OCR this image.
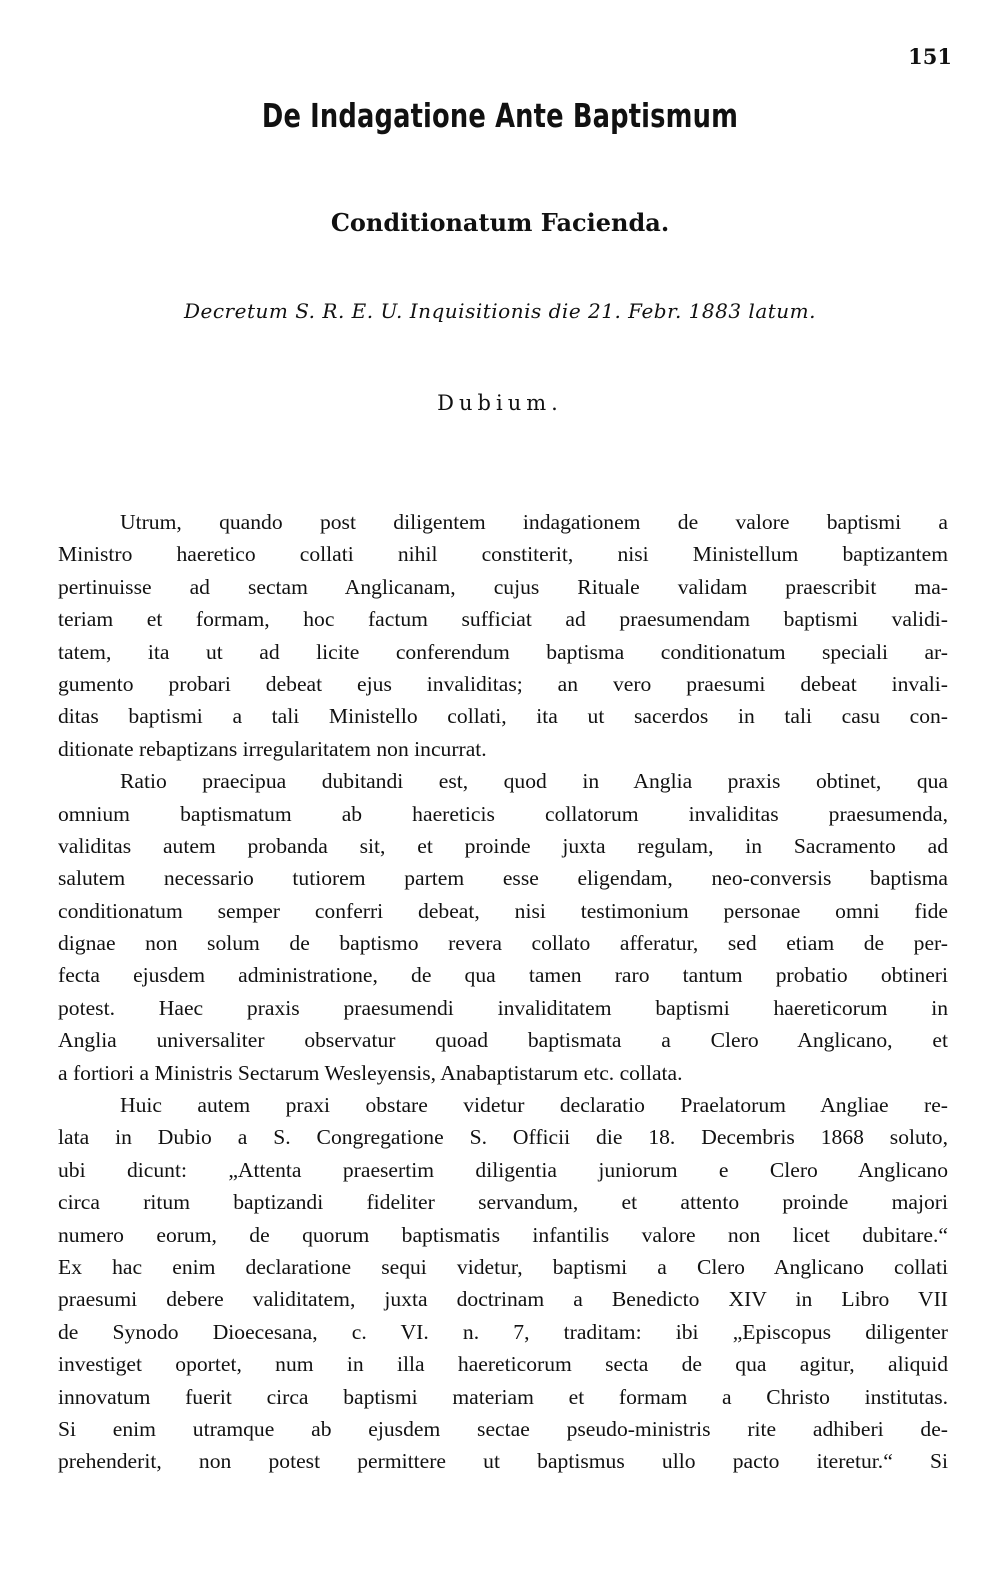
151
De Indagatione Ante Baptismum
Conditionatum Facienda.
Decretum S. R. E. U. Inquisitionis die 21. Febr. 1883 latum.
Dubium.
Utrum, quando post diligentem indagationem de valore baptismi a
Ministro haeretico collati nihil constiterit, nisi Ministellum baptizantem
pertinuisse ad sectam Anglicanam, cujus Rituale validam praescribit ma-
teriam et formam, hoc factum sufficiat ad praesumendam baptismi validi-
tatem, ita ut ad licite conferendum baptisma conditionatum speciali ar-
gumento probari debeat ejus invaliditas; an vero praesumi debeat invali-
ditas baptismi a tali Ministello collati, ita ut sacerdos in tali casu con-
ditionate rebaptizans irregularitatem non incurrat.
Ratio praecipua dubitandi est, quod in Anglia praxis obtinet, qua
omnium baptismatum ab haereticis collatorum invaliditas praesumenda,
validitas autem probanda sit, et proinde juxta regulam, in Sacramento ad
salutem necessario tutiorem partem esse eligendam, neo-conversis baptisma
conditionatum semper conferri debeat, nisi testimonium personae omni fide
dignae non solum de baptismo revera collato afferatur, sed etiam de per-
fecta ejusdem administratione, de qua tamen raro tantum probatio obtineri
potest. Haec praxis praesumendi invaliditatem baptismi haereticorum in
Anglia universaliter observatur quoad baptismata a Clero Anglicano, et
a fortiori a Ministris Sectarum Wesleyensis, Anabaptistarum etc. collata.
Huic autem praxi obstare videtur declaratio Praelatorum Angliae re-
lata in Dubio a S. Congregatione S. Officii die 18. Decembris 1868 soluto,
ubi dicunt: „Attenta praesertim diligentia juniorum e Clero Anglicano
circa ritum baptizandi fideliter servandum, et attento proinde majori
numero eorum, de quorum baptismatis infantilis valore non licet dubitare.“
Ex hac enim declaratione sequi videtur, baptismi a Clero Anglicano collati
praesumi debere validitatem, juxta doctrinam a Benedicto XIV in Libro VII
de Synodo Dioecesana, c. VI. n. 7, traditam: ibi „Episcopus diligenter
investiget oportet, num in illa haereticorum secta de qua agitur, aliquid
innovatum fuerit circa baptismi materiam et formam a Christo institutas.
Si enim utramque ab ejusdem sectae pseudo-ministris rite adhiberi de-
prehenderit, non potest permittere ut baptismus ullo pacto iteretur.“ Si
